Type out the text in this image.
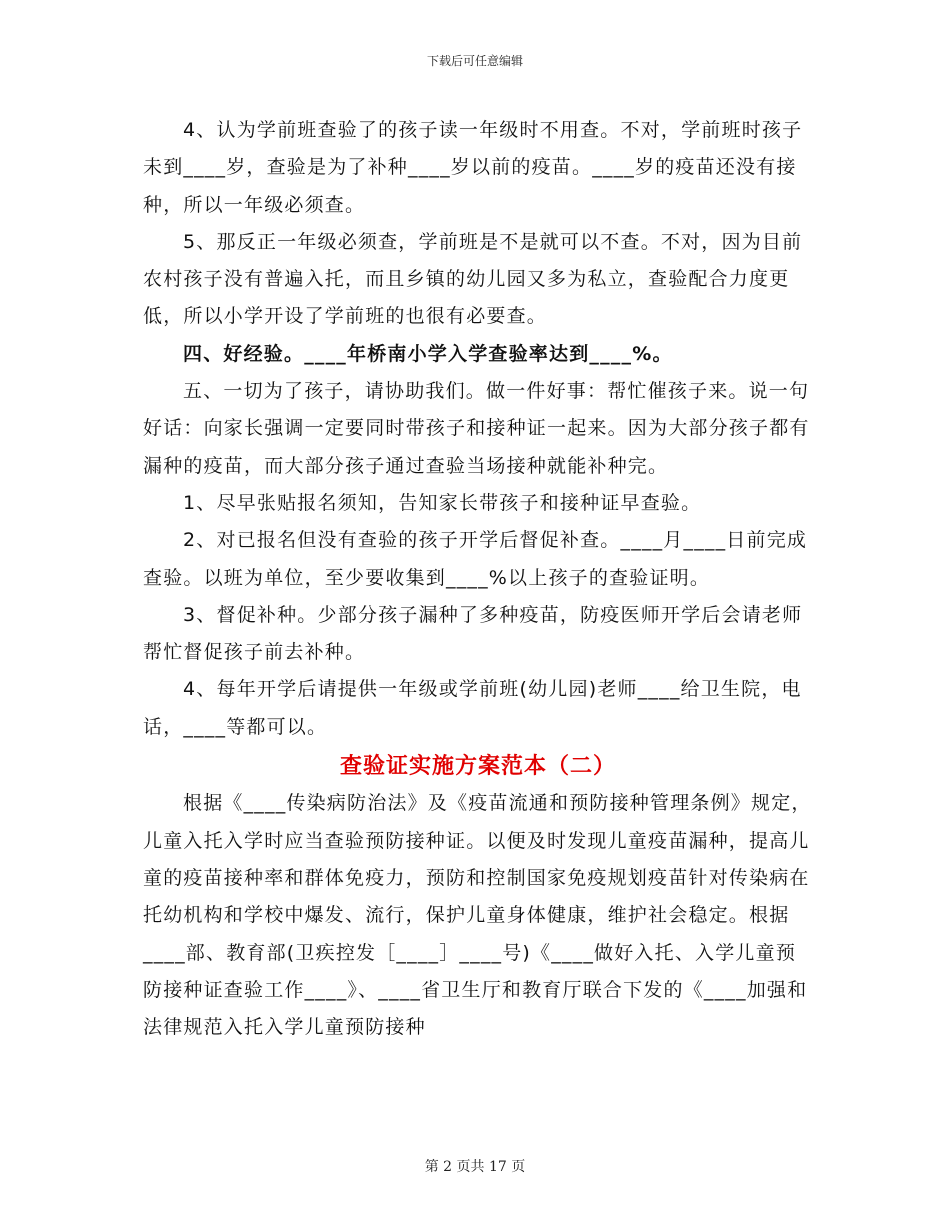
下载后可任意编辑

4、认为学前班查验了的孩子读一年级时不用查。不对，学前班时孩子未到____岁，查验是为了补种____岁以前的疫苗。____岁的疫苗还没有接种，所以一年级必须查。

5、那反正一年级必须查，学前班是不是就可以不查。不对，因为目前农村孩子没有普遍入托，而且乡镇的幼儿园又多为私立，查验配合力度更低，所以小学开设了学前班的也很有必要查。

四、好经验。____年桥南小学入学查验率达到____%。

五、一切为了孩子，请协助我们。做一件好事：帮忙催孩子来。说一句好话：向家长强调一定要同时带孩子和接种证一起来。因为大部分孩子都有漏种的疫苗，而大部分孩子通过查验当场接种就能补种完。

1、尽早张贴报名须知，告知家长带孩子和接种证早查验。

2、对已报名但没有查验的孩子开学后督促补查。____月____日前完成查验。以班为单位，至少要收集到____%以上孩子的查验证明。

3、督促补种。少部分孩子漏种了多种疫苗，防疫医师开学后会请老师帮忙督促孩子前去补种。

4、每年开学后请提供一年级或学前班(幼儿园)老师____给卫生院，电话，____等都可以。

查验证实施方案范本（二）

根据《____传染病防治法》及《疫苗流通和预防接种管理条例》规定，儿童入托入学时应当查验预防接种证。以便及时发现儿童疫苗漏种，提高儿童的疫苗接种率和群体免疫力，预防和控制国家免疫规划疫苗针对传染病在托幼机构和学校中爆发、流行，保护儿童身体健康，维护社会稳定。根据____部、教育部(卫疾控发［____］____号)《____做好入托、入学儿童预防接种证查验工作____》、____省卫生厅和教育厅联合下发的《____加强和法律规范入托入学儿童预防接种

第 2 页共 17 页
